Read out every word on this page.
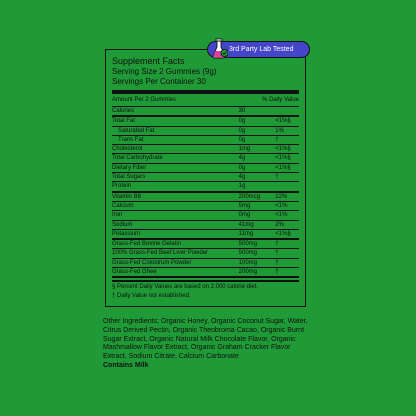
Supplement Facts
Serving Size 2 Gummies (9g)
Servings Per Container 30
Amount Per 2 Gummies	% Daily Value
Calories	30
Total Fat	0g	<1%§
Saturated Fat	0g	1%
Trans Fat	0g	†
Cholesterol	1mg	<1%§
Total Carbohydrate	4g	<1%§
Dietary Fiber	0g	<1%§
Total Sugars	4g	†
Protein	1g
Vitamin B6	200mcg	12%
Calcium	5mg	<1%
Iron	0mg	<1%
Sodium	41mg	2%
Potassium	11mg	<1%§
Grass-Fed Bovine Gelatin	500mg	†
100% Grass-Fed Beef Liver Powder	500mg	†
Grass-Fed Colostrum Powder	100mg	†
Grass-Fed Ghee	200mg	†
§ Percent Daily Values are based on 2,000 calorie diet.
† Daily Value not established.
3rd Party Lab Tested
Other Ingredients: Organic Honey, Organic Coconut Sugar, Water, Citrus Derived Pectin, Organic Theobroma Cacao, Organic Burnt Sugar Extract, Organic Natural Milk Chocolate Flavor, Organic Mashmallow Flavor Extract, Organic Graham Cracker Flavor Extract, Sodium Citrate, Calcium Carbonate
Contains Milk
